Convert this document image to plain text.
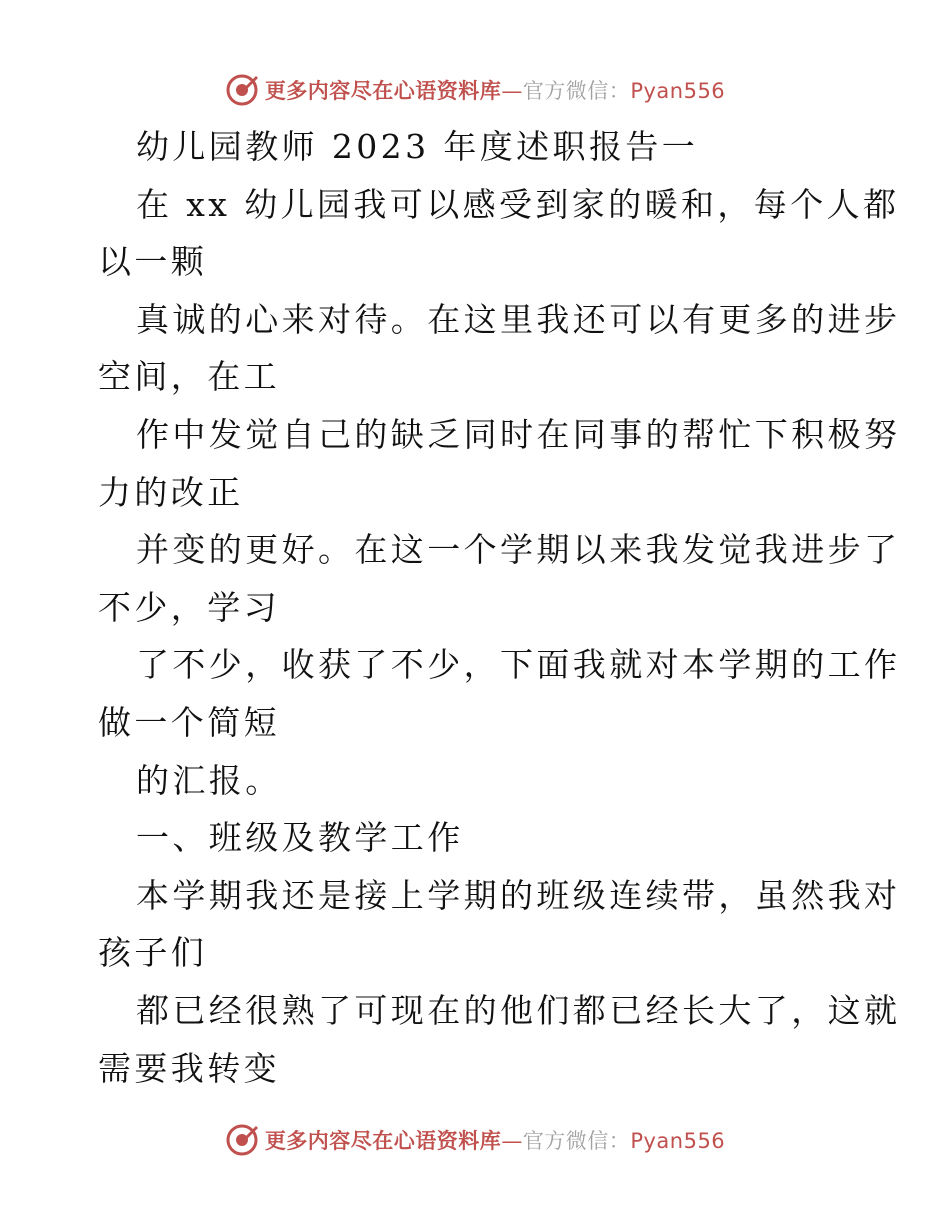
更多内容尽在心语资料库—官方微信：Pyan556
幼儿园教师 2023 年度述职报告一
在 xx 幼儿园我可以感受到家的暖和，每个人都
以一颗
真诚的心来对待。在这里我还可以有更多的进步
空间，在工
作中发觉自己的缺乏同时在同事的帮忙下积极努
力的改正
并变的更好。在这一个学期以来我发觉我进步了
不少，学习
了不少，收获了不少，下面我就对本学期的工作
做一个简短
的汇报。
一、班级及教学工作
本学期我还是接上学期的班级连续带，虽然我对
孩子们
都已经很熟了可现在的他们都已经长大了，这就
需要我转变
更多内容尽在心语资料库—官方微信：Pyan556
